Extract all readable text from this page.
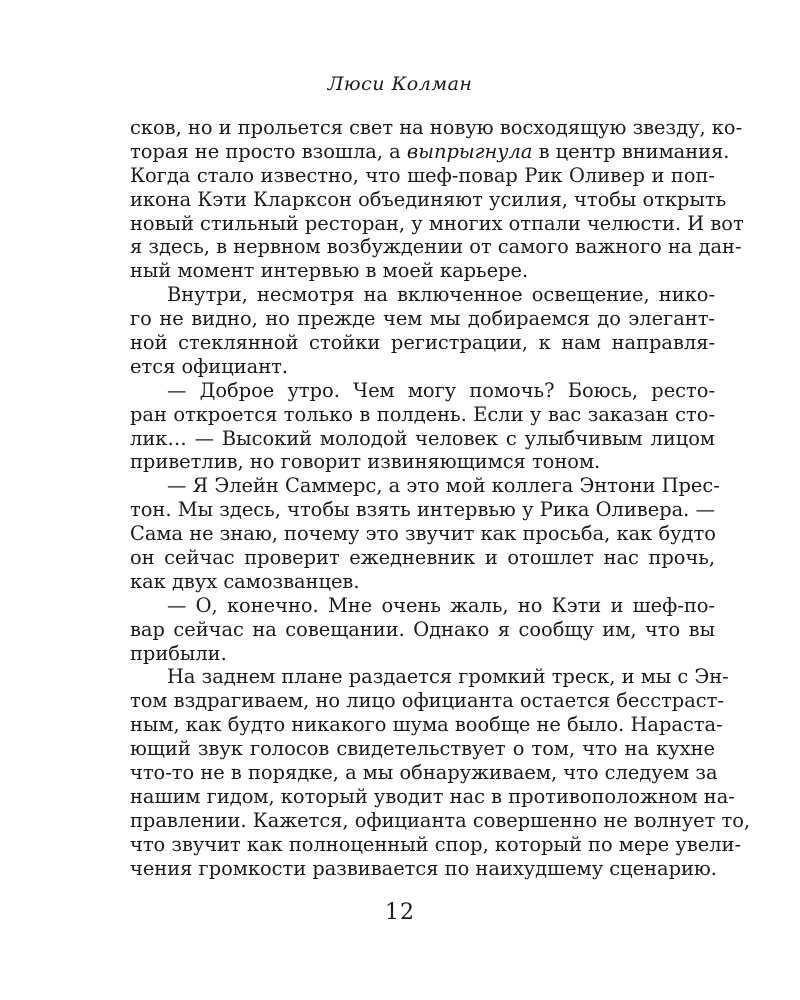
Люси Колман
сков, но и прольется свет на новую восходящую звезду, ко-
торая не просто взошла, а выпрыгнула в центр внимания.
Когда стало известно, что шеф-повар Рик Оливер и поп-
икона Кэти Кларксон объединяют усилия, чтобы открыть
новый стильный ресторан, у многих отпали челюсти. И вот
я здесь, в нервном возбуждении от самого важного на дан-
ный момент интервью в моей карьере.
Внутри, несмотря на включенное освещение, нико-
го не видно, но прежде чем мы добираемся до элегант-
ной стеклянной стойки регистрации, к нам направля-
ется официант.
— Доброе утро. Чем могу помочь? Боюсь, ресто-
ран откроется только в полдень. Если у вас заказан сто-
лик… — Высокий молодой человек с улыбчивым лицом
приветлив, но говорит извиняющимся тоном.
— Я Элейн Саммерс, а это мой коллега Энтони Прес-
тон. Мы здесь, чтобы взять интервью у Рика Оливера. —
Сама не знаю, почему это звучит как просьба, как будто
он сейчас проверит ежедневник и отошлет нас прочь,
как двух самозванцев.
— О, конечно. Мне очень жаль, но Кэти и шеф-по-
вар сейчас на совещании. Однако я сообщу им, что вы
прибыли.
На заднем плане раздается громкий треск, и мы с Эн-
том вздрагиваем, но лицо официанта остается бесстраст-
ным, как будто никакого шума вообще не было. Нараста-
ющий звук голосов свидетельствует о том, что на кухне
что-то не в порядке, а мы обнаруживаем, что следуем за
нашим гидом, который уводит нас в противоположном на-
правлении. Кажется, официанта совершенно не волнует то,
что звучит как полноценный спор, который по мере увели-
чения громкости развивается по наихудшему сценарию.
12
